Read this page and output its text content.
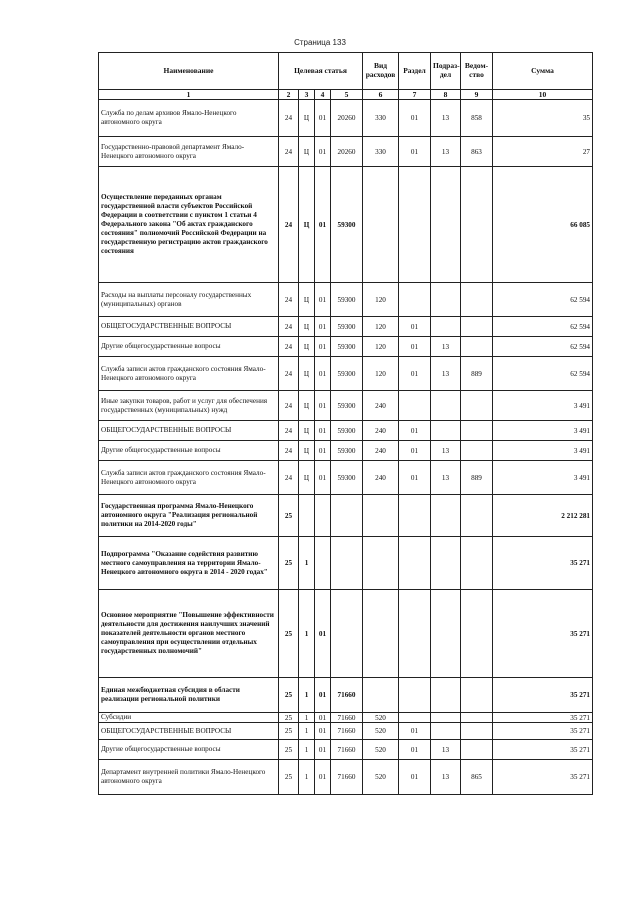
Страница 133
Наименование	Целевая статья				Вид расходов	Раздел	Подраз-дел	Ведом-ство	Сумма
1	2	3	4	5	6	7	8	9	10
Служба по делам архивов Ямало-Ненецкого автономного округа	24	Ц	01	20260	330	01	13	858	35
Государственно-правовой департамент Ямало-Ненецкого автономного округа	24	Ц	01	20260	330	01	13	863	27
Осуществление переданных органам государственной власти субъектов Российской Федерации в соответствии с пунктом 1 статьи 4 Федерального закона "Об актах гражданского состояния" полномочий Российской Федерации на государственную регистрацию актов гражданского состояния	24	Ц	01	59300					66 085
Расходы на выплаты персоналу государственных (муниципальных) органов	24	Ц	01	59300	120				62 594
ОБЩЕГОСУДАРСТВЕННЫЕ ВОПРОСЫ	24	Ц	01	59300	120	01			62 594
Другие общегосударственные вопросы	24	Ц	01	59300	120	01	13		62 594
Служба записи актов гражданского состояния Ямало-Ненецкого автономного округа	24	Ц	01	59300	120	01	13	889	62 594
Иные закупки товаров, работ и услуг для обеспечения государственных (муниципальных) нужд	24	Ц	01	59300	240				3 491
ОБЩЕГОСУДАРСТВЕННЫЕ ВОПРОСЫ	24	Ц	01	59300	240	01			3 491
Другие общегосударственные вопросы	24	Ц	01	59300	240	01	13		3 491
Служба записи актов гражданского состояния Ямало-Ненецкого автономного округа	24	Ц	01	59300	240	01	13	889	3 491
Государственная программа Ямало-Ненецкого автономного округа "Реализация региональной политики на 2014-2020 годы"	25								2 212 281
Подпрограмма "Оказание содействия развитию местного самоуправления на территории Ямало-Ненецкого автономного округа в 2014 - 2020 годах"	25	1							35 271
Основное мероприятие "Повышение эффективности деятельности для достижения наилучших значений показателей деятельности органов местного самоуправления при осуществлении отдельных государственных полномочий"	25	1	01						35 271
Единая межбюджетная субсидия в области реализации региональной политики	25	1	01	71660					35 271
Субсидии	25	1	01	71660	520				35 271
ОБЩЕГОСУДАРСТВЕННЫЕ ВОПРОСЫ	25	1	01	71660	520	01			35 271
Другие общегосударственные вопросы	25	1	01	71660	520	01	13		35 271
Департамент внутренней политики Ямало-Ненецкого автономного округа	25	1	01	71660	520	01	13	865	35 271
